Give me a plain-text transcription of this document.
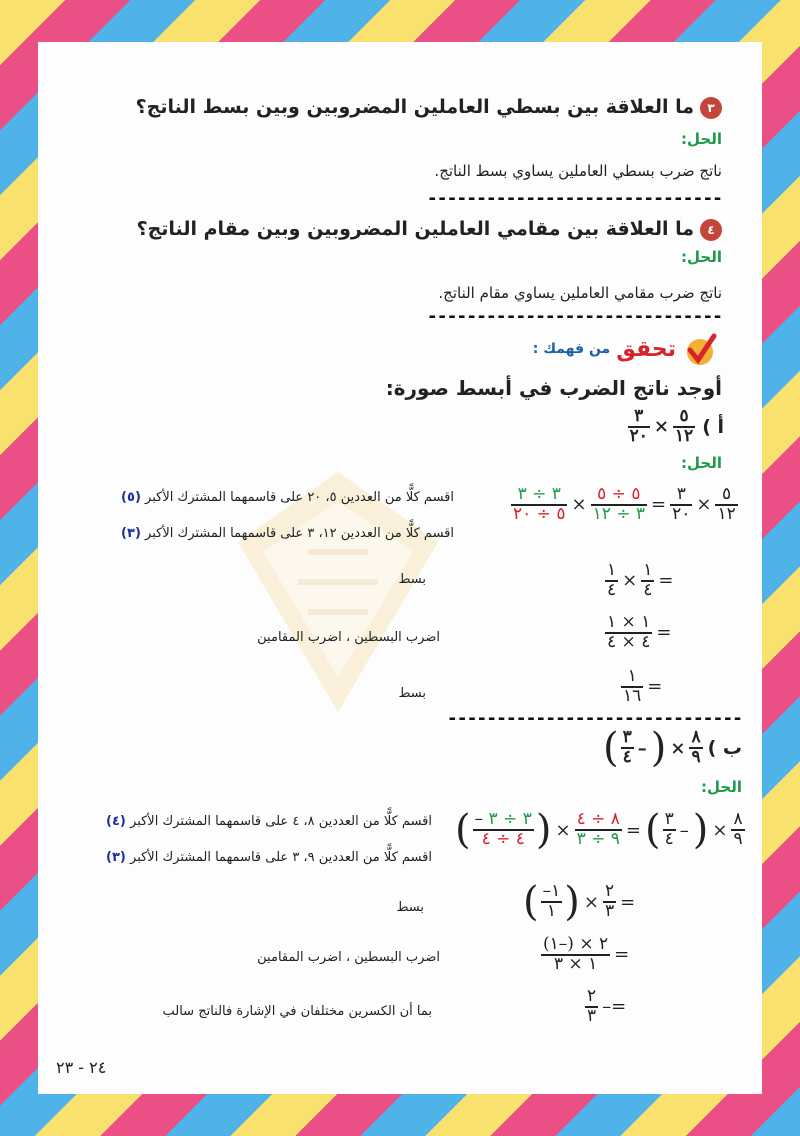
٣ما العلاقة بين بسطي العاملين المضروبين وبين بسط الناتج؟
الحل:
ناتج ضرب بسطي العاملين يساوي بسط الناتج.
------------------------------
٤ما العلاقة بين مقامي العاملين المضروبين وبين مقام الناتج؟
الحل:
ناتج ضرب مقامي العاملين يساوي مقام الناتج.
------------------------------
تحقق
من فهمك :
أوجد ناتج الضرب في أبسط صورة:
أ )
$\frac{٣}{٢٠} \times \frac{٥}{١٢}$
الحل:
$\frac{٣ \div ٣}{٥ \div ٢٠} \times \frac{٥ \div ٥}{٣ \div ١٢} = \frac{٣}{٢٠} \times \frac{٥}{١٢}$
اقسم كلًّا من العددين ٥، ٢٠ على قاسمهما المشترك الأكبر (٥)
اقسم كلًّا من العددين ١٢، ٣ على قاسمهما المشترك الأكبر (٣)
$\frac{١}{٤} \times \frac{١}{٤}$ =
بسط
$\frac{١ \times ١}{٤ \times ٤}$ =
اضرب البسطين ، اضرب المقامين
$\frac{١}{١٦}$ =
بسط
------------------------------
ب )
( $\frac{٣}{٤}$ – ) × $\frac{٨}{٩}$
الحل:
( $\frac{- ٣ \div ٣}{٤ \div ٤}$ ) × $\frac{٨ \div ٤}{٩ \div ٣}$ = ( $\frac{٣}{٤}$ – ) × $\frac{٨}{٩}$
اقسم كلًّا من العددين ٨، ٤ على قاسمهما المشترك الأكبر (٤)
اقسم كلًّا من العددين ٩، ٣ على قاسمهما المشترك الأكبر (٣)
( $\frac{-١}{١}$ ) × $\frac{٢}{٣}$ =
بسط
$\frac{(١-) \times ٢}{١ \times ٣}$ =
اضرب البسطين ، اضرب المقامين
$\frac{٢}{٣}$ –=
بما أن الكسرين مختلفان في الإشارة فالناتج سالب
٢٤ - ٢٣
